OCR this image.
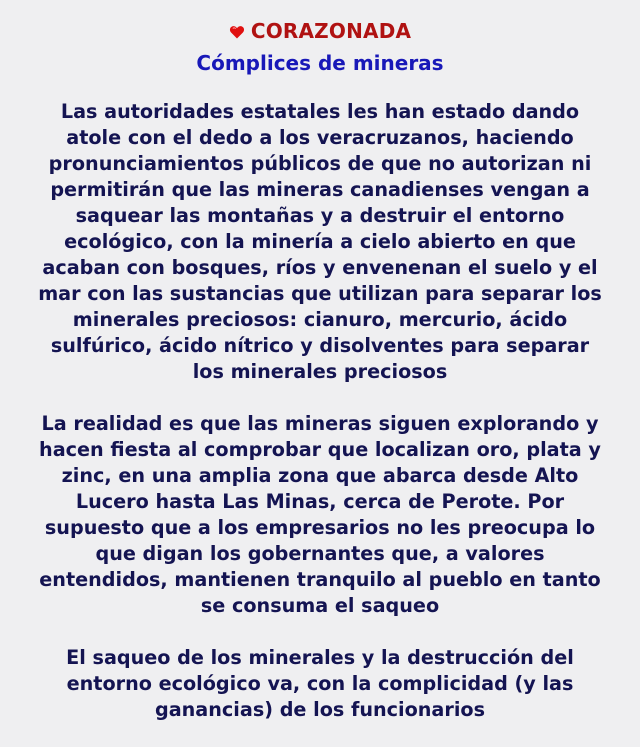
CORAZONADA
Cómplices de mineras
Las autoridades estatales les han estado dando
atole con el dedo a los veracruzanos, haciendo
pronunciamientos públicos de que no autorizan ni
permitirán que las mineras canadienses vengan a
saquear las montañas y a destruir el entorno
ecológico, con la minería a cielo abierto en que
acaban con bosques, ríos y envenenan el suelo y el
mar con las sustancias que utilizan para separar los
minerales preciosos: cianuro, mercurio, ácido
sulfúrico, ácido nítrico y disolventes para separar
los minerales preciosos
La realidad es que las mineras siguen explorando y
hacen fiesta al comprobar que localizan oro, plata y
zinc, en una amplia zona que abarca desde Alto
Lucero hasta Las Minas, cerca de Perote. Por
supuesto que a los empresarios no les preocupa lo
que digan los gobernantes que, a valores
entendidos, mantienen tranquilo al pueblo en tanto
se consuma el saqueo
El saqueo de los minerales y la destrucción del
entorno ecológico va, con la complicidad (y las
ganancias) de los funcionarios
